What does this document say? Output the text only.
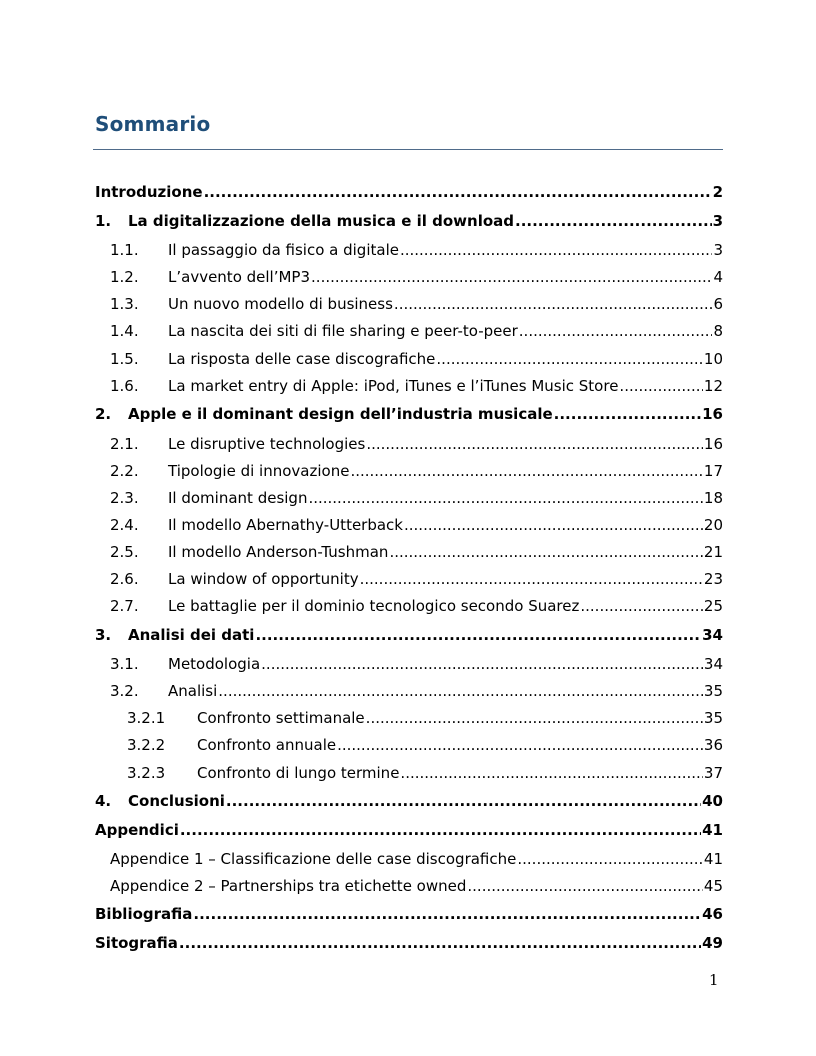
Sommario
Introduzione .....	2
1.	La digitalizzazione della musica e il download .....	3
1.1.	Il passaggio da fisico a digitale .....	3
1.2.	L’avvento dell’MP3 .....	4
1.3.	Un nuovo modello di business .....	6
1.4.	La nascita dei siti di file sharing e peer-to-peer .....	8
1.5.	La risposta delle case discografiche .....	10
1.6.	La market entry di Apple: iPod, iTunes e l’iTunes Music Store .....	12
2.	Apple e il dominant design dell’industria musicale .....	16
2.1.	Le disruptive technologies .....	16
2.2.	Tipologie di innovazione .....	17
2.3.	Il dominant design .....	18
2.4.	Il modello Abernathy-Utterback .....	20
2.5.	Il modello Anderson-Tushman .....	21
2.6.	La window of opportunity .....	23
2.7.	Le battaglie per il dominio tecnologico secondo Suarez .....	25
3.	Analisi dei dati .....	34
3.1.	Metodologia .....	34
3.2.	Analisi .....	35
3.2.1	Confronto settimanale .....	35
3.2.2	Confronto annuale .....	36
3.2.3	Confronto di lungo termine .....	37
4.	Conclusioni .....	40
Appendici .....	41
Appendice 1 – Classificazione delle case discografiche .....	41
Appendice 2 – Partnerships tra etichette owned .....	45
Bibliografia .....	46
Sitografia .....	49
1
